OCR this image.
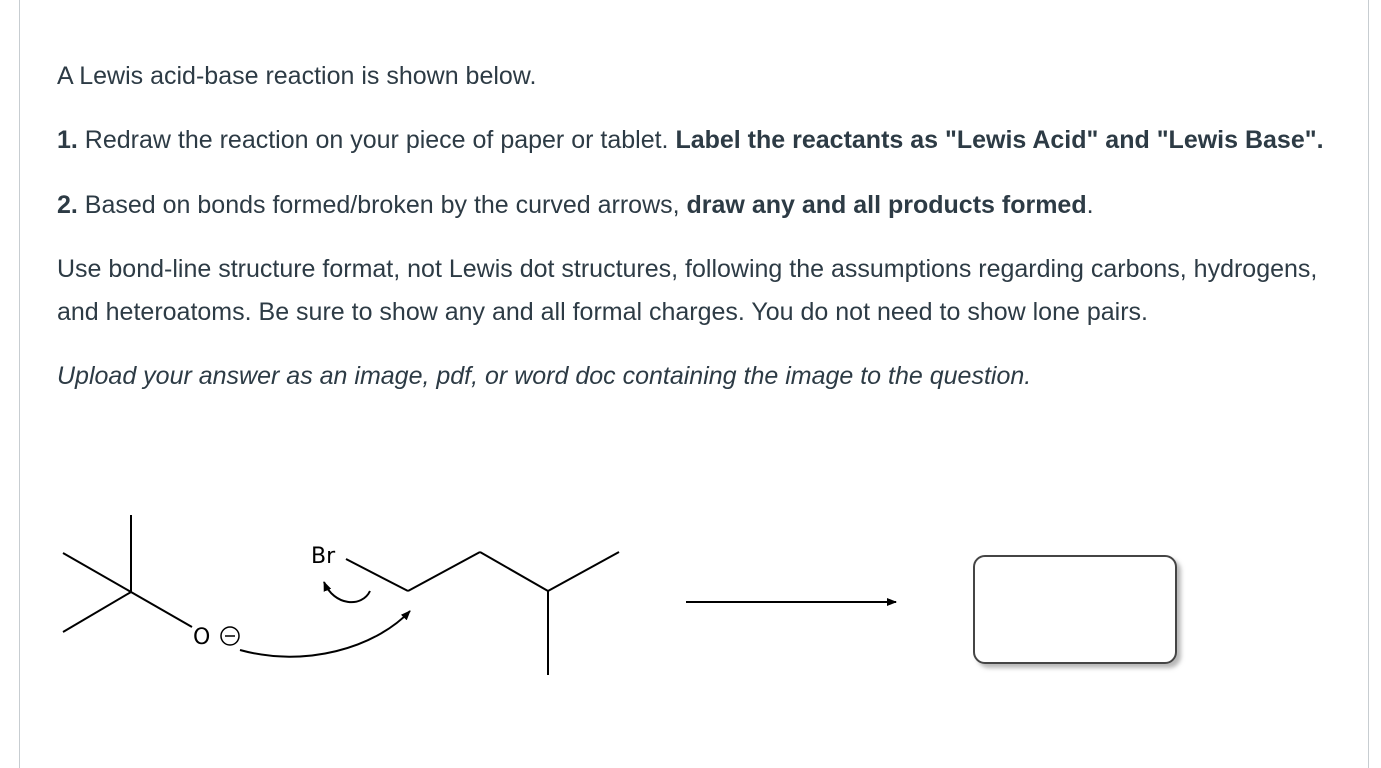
A Lewis acid-base reaction is shown below.

1. Redraw the reaction on your piece of paper or tablet. Label the reactants as "Lewis Acid" and "Lewis Base".

2. Based on bonds formed/broken by the curved arrows, draw any and all products formed.

Use bond-line structure format, not Lewis dot structures, following the assumptions regarding carbons, hydrogens, and heteroatoms. Be sure to show any and all formal charges. You do not need to show lone pairs.

Upload your answer as an image, pdf, or word doc containing the image to the question.

O
Br
